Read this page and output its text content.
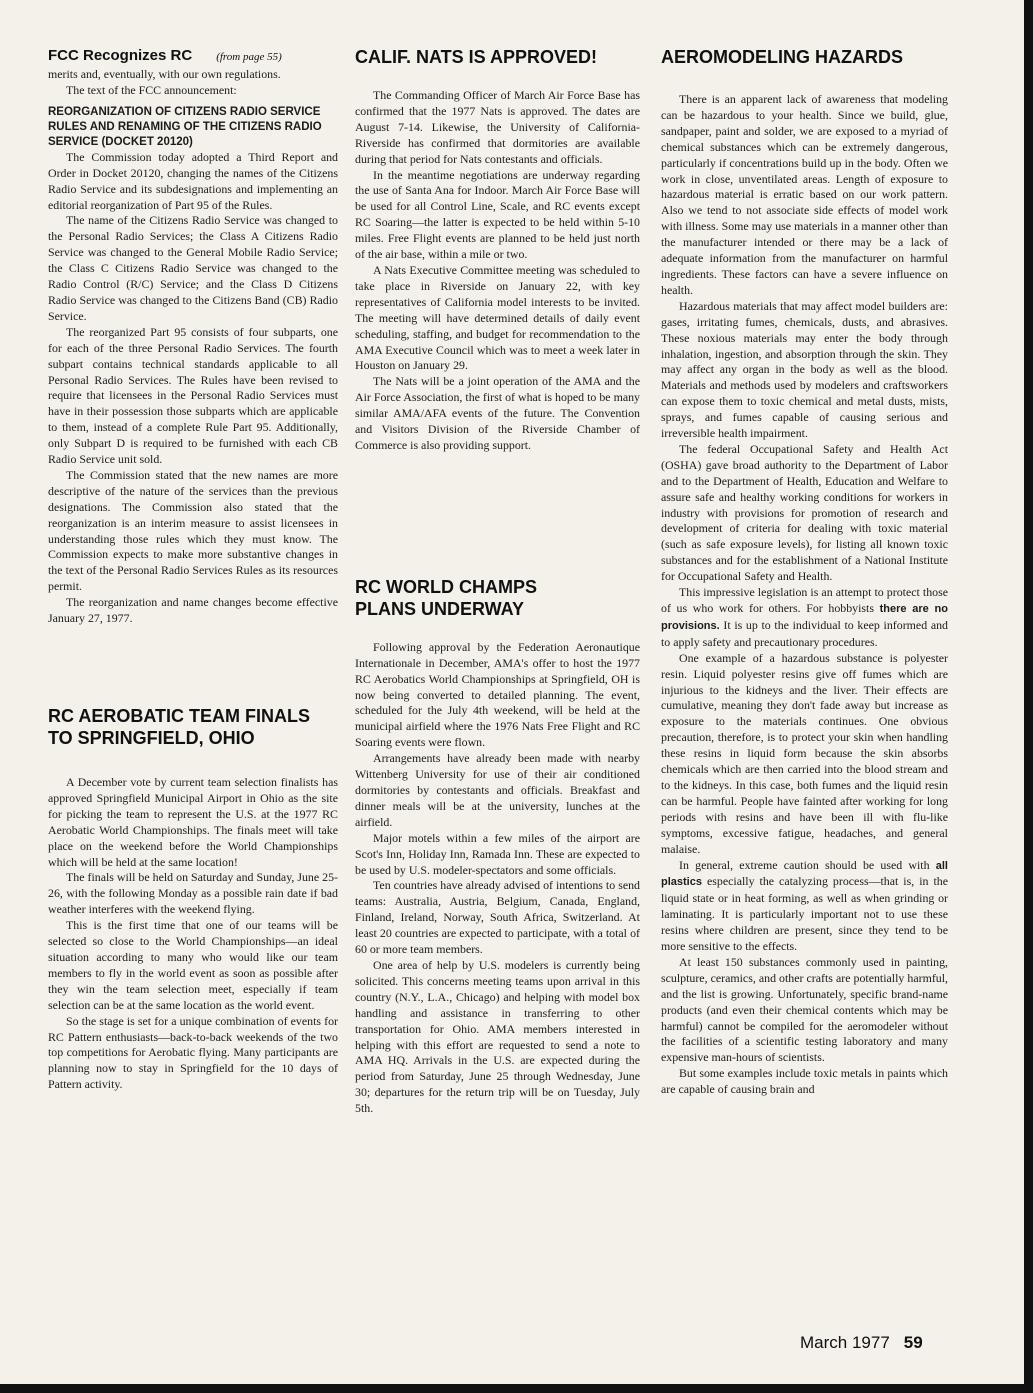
FCC Recognizes RC (from page 55)

merits and, eventually, with our own regulations.

The text of the FCC announcement:

REORGANIZATION OF CITIZENS RADIO SERVICE RULES AND RENAMING OF THE CITIZENS RADIO SERVICE (DOCKET 20120)

The Commission today adopted a Third Report and Order in Docket 20120, changing the names of the Citizens Radio Service and its subdesignations and implementing an editorial reorganization of Part 95 of the Rules.

The name of the Citizens Radio Service was changed to the Personal Radio Services; the Class A Citizens Radio Service was changed to the General Mobile Radio Service; the Class C Citizens Radio Service was changed to the Radio Control (R/C) Service; and the Class D Citizens Radio Service was changed to the Citizens Band (CB) Radio Service.

The reorganized Part 95 consists of four subparts, one for each of the three Personal Radio Services. The fourth subpart contains technical standards applicable to all Personal Radio Services. The Rules have been revised to require that licensees in the Personal Radio Services must have in their possession those subparts which are applicable to them, instead of a complete Rule Part 95. Additionally, only Subpart D is required to be furnished with each CB Radio Service unit sold.

The Commission stated that the new names are more descriptive of the nature of the services than the previous designations. The Commission also stated that the reorganization is an interim measure to assist licensees in understanding those rules which they must know. The Commission expects to make more substantive changes in the text of the Personal Radio Services Rules as its resources permit.

The reorganization and name changes become effective January 27, 1977.

RC AEROBATIC TEAM FINALS TO SPRINGFIELD, OHIO

A December vote by current team selection finalists has approved Springfield Municipal Airport in Ohio as the site for picking the team to represent the U.S. at the 1977 RC Aerobatic World Championships. The finals meet will take place on the weekend before the World Championships which will be held at the same location!

The finals will be held on Saturday and Sunday, June 25-26, with the following Monday as a possible rain date if bad weather interferes with the weekend flying.

This is the first time that one of our teams will be selected so close to the World Championships—an ideal situation according to many who would like our team members to fly in the world event as soon as possible after they win the team selection meet, especially if team selection can be at the same location as the world event.

So the stage is set for a unique combination of events for RC Pattern enthusiasts—back-to-back weekends of the two top competitions for Aerobatic flying. Many participants are planning now to stay in Springfield for the 10 days of Pattern activity.

CALIF. NATS IS APPROVED!

The Commanding Officer of March Air Force Base has confirmed that the 1977 Nats is approved. The dates are August 7-14. Likewise, the University of California-Riverside has confirmed that dormitories are available during that period for Nats contestants and officials.

In the meantime negotiations are underway regarding the use of Santa Ana for Indoor. March Air Force Base will be used for all Control Line, Scale, and RC events except RC Soaring—the latter is expected to be held within 5-10 miles. Free Flight events are planned to be held just north of the air base, within a mile or two.

A Nats Executive Committee meeting was scheduled to take place in Riverside on January 22, with key representatives of California model interests to be invited. The meeting will have determined details of daily event scheduling, staffing, and budget for recommendation to the AMA Executive Council which was to meet a week later in Houston on January 29.

The Nats will be a joint operation of the AMA and the Air Force Association, the first of what is hoped to be many similar AMA/AFA events of the future. The Convention and Visitors Division of the Riverside Chamber of Commerce is also providing support.

RC WORLD CHAMPS PLANS UNDERWAY

Following approval by the Federation Aeronautique Internationale in December, AMA's offer to host the 1977 RC Aerobatics World Championships at Springfield, OH is now being converted to detailed planning. The event, scheduled for the July 4th weekend, will be held at the municipal airfield where the 1976 Nats Free Flight and RC Soaring events were flown.

Arrangements have already been made with nearby Wittenberg University for use of their air conditioned dormitories by contestants and officials. Breakfast and dinner meals will be at the university, lunches at the airfield.

Major motels within a few miles of the airport are Scot's Inn, Holiday Inn, Ramada Inn. These are expected to be used by U.S. modeler-spectators and some officials.

Ten countries have already advised of intentions to send teams: Australia, Austria, Belgium, Canada, England, Finland, Ireland, Norway, South Africa, Switzerland. At least 20 countries are expected to participate, with a total of 60 or more team members.

One area of help by U.S. modelers is currently being solicited. This concerns meeting teams upon arrival in this country (N.Y., L.A., Chicago) and helping with model box handling and assistance in transferring to other transportation for Ohio. AMA members interested in helping with this effort are requested to send a note to AMA HQ. Arrivals in the U.S. are expected during the period from Saturday, June 25 through Wednesday, June 30; departures for the return trip will be on Tuesday, July 5th.

AEROMODELING HAZARDS

There is an apparent lack of awareness that modeling can be hazardous to your health. Since we build, glue, sandpaper, paint and solder, we are exposed to a myriad of chemical substances which can be extremely dangerous, particularly if concentrations build up in the body. Often we work in close, unventilated areas. Length of exposure to hazardous material is erratic based on our work pattern. Also we tend to not associate side effects of model work with illness. Some may use materials in a manner other than the manufacturer intended or there may be a lack of adequate information from the manufacturer on harmful ingredients. These factors can have a severe influence on health.

Hazardous materials that may affect model builders are: gases, irritating fumes, chemicals, dusts, and abrasives. These noxious materials may enter the body through inhalation, ingestion, and absorption through the skin. They may affect any organ in the body as well as the blood. Materials and methods used by modelers and craftsworkers can expose them to toxic chemical and metal dusts, mists, sprays, and fumes capable of causing serious and irreversible health impairment.

The federal Occupational Safety and Health Act (OSHA) gave broad authority to the Department of Labor and to the Department of Health, Education and Welfare to assure safe and healthy working conditions for workers in industry with provisions for promotion of research and development of criteria for dealing with toxic material (such as safe exposure levels), for listing all known toxic substances and for the establishment of a National Institute for Occupational Safety and Health.

This impressive legislation is an attempt to protect those of us who work for others. For hobbyists there are no provisions. It is up to the individual to keep informed and to apply safety and precautionary procedures.

One example of a hazardous substance is polyester resin. Liquid polyester resins give off fumes which are injurious to the kidneys and the liver. Their effects are cumulative, meaning they don't fade away but increase as exposure to the materials continues. One obvious precaution, therefore, is to protect your skin when handling these resins in liquid form because the skin absorbs chemicals which are then carried into the blood stream and to the kidneys. In this case, both fumes and the liquid resin can be harmful. People have fainted after working for long periods with resins and have been ill with flu-like symptoms, excessive fatigue, headaches, and general malaise.

In general, extreme caution should be used with all plastics especially the catalyzing process—that is, in the liquid state or in heat forming, as well as when grinding or laminating. It is particularly important not to use these resins where children are present, since they tend to be more sensitive to the effects.

At least 150 substances commonly used in painting, sculpture, ceramics, and other crafts are potentially harmful, and the list is growing. Unfortunately, specific brand-name products (and even their chemical contents which may be harmful) cannot be compiled for the aeromodeler without the facilities of a scientific testing laboratory and many expensive man-hours of scientists.

But some examples include toxic metals in paints which are capable of causing brain and

March 1977 59
